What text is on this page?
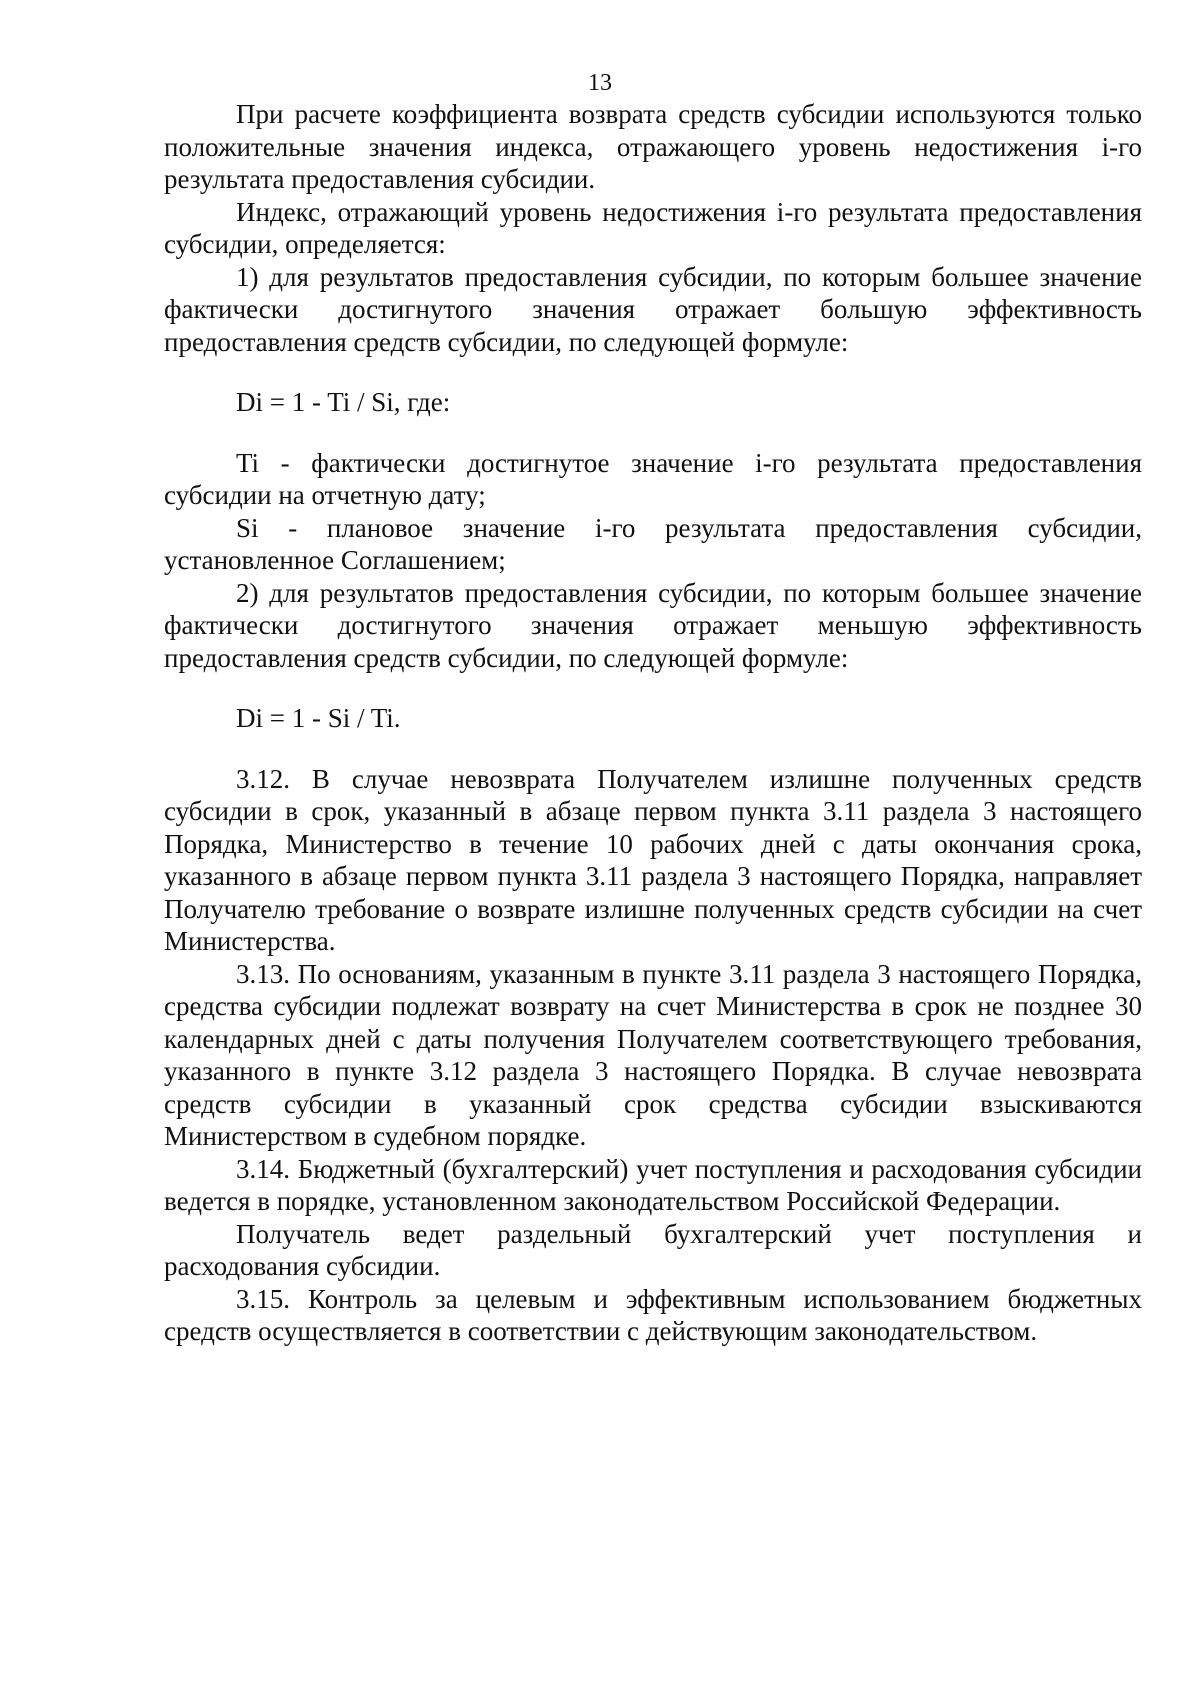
13

При расчете коэффициента возврата средств субсидии используются только положительные значения индекса, отражающего уровень недостижения i-го результата предоставления субсидии.

Индекс, отражающий уровень недостижения i-го результата предоставления субсидии, определяется:

1) для результатов предоставления субсидии, по которым большее значение фактически достигнутого значения отражает большую эффективность предоставления средств субсидии, по следующей формуле:

Di = 1 - Ti / Si, где:

Ti - фактически достигнутое значение i-го результата предоставления субсидии на отчетную дату;

Si - плановое значение i-го результата предоставления субсидии, установленное Соглашением;

2) для результатов предоставления субсидии, по которым большее значение фактически достигнутого значения отражает меньшую эффективность предоставления средств субсидии, по следующей формуле:

Di = 1 - Si / Ti.

3.12. В случае невозврата Получателем излишне полученных средств субсидии в срок, указанный в абзаце первом пункта 3.11 раздела 3 настоящего Порядка, Министерство в течение 10 рабочих дней с даты окончания срока, указанного в абзаце первом пункта 3.11 раздела 3 настоящего Порядка, направляет Получателю требование о возврате излишне полученных средств субсидии на счет Министерства.

3.13. По основаниям, указанным в пункте 3.11 раздела 3 настоящего Порядка, средства субсидии подлежат возврату на счет Министерства в срок не позднее 30 календарных дней с даты получения Получателем соответствующего требования, указанного в пункте 3.12 раздела 3 настоящего Порядка. В случае невозврата средств субсидии в указанный срок средства субсидии взыскиваются Министерством в судебном порядке.

3.14. Бюджетный (бухгалтерский) учет поступления и расходования субсидии ведется в порядке, установленном законодательством Российской Федерации.

Получатель ведет раздельный бухгалтерский учет поступления и расходования субсидии.

3.15. Контроль за целевым и эффективным использованием бюджетных средств осуществляется в соответствии с действующим законодательством.
